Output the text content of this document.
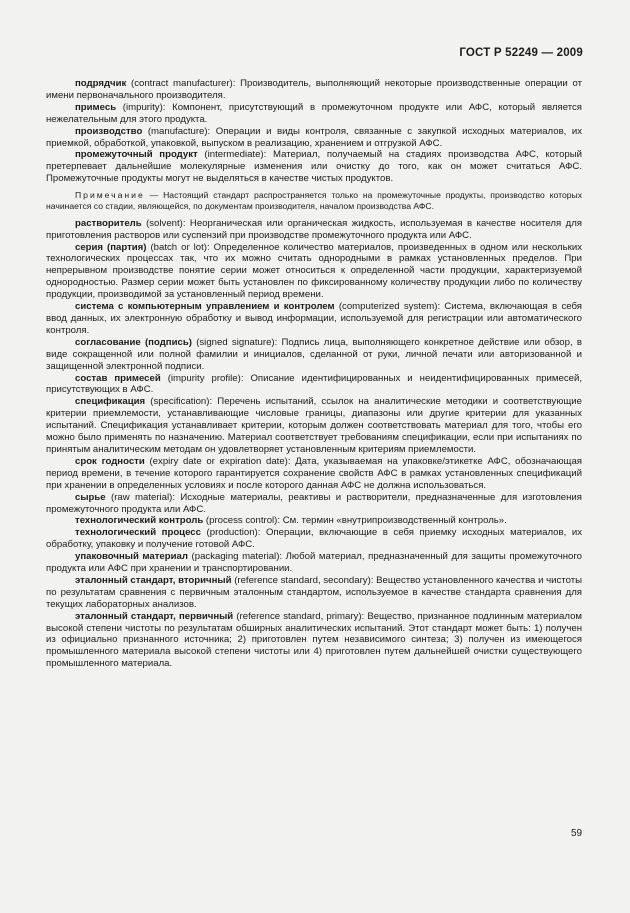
ГОСТ Р 52249 — 2009

подрядчик (contract manufacturer): Производитель, выполняющий некоторые производственные операции от имени первоначального производителя.

примесь (impurity): Компонент, присутствующий в промежуточном продукте или АФС, который является нежелательным для этого продукта.

производство (manufacture): Операции и виды контроля, связанные с закупкой исходных материалов, их приемкой, обработкой, упаковкой, выпуском в реализацию, хранением и отгрузкой АФС.

промежуточный продукт (intermediate): Материал, получаемый на стадиях производства АФС, который претерпевает дальнейшие молекулярные изменения или очистку до того, как он может считаться АФС. Промежуточные продукты могут не выделяться в качестве чистых продуктов.

Примечание — Настоящий стандарт распространяется только на промежуточные продукты, производство которых начинается со стадии, являющейся, по документам производителя, началом производства АФС.

растворитель (solvent): Неорганическая или органическая жидкость, используемая в качестве носителя для приготовления растворов или суспензий при производстве промежуточного продукта или АФС.

серия (партия) (batch or lot): Определенное количество материалов, произведенных в одном или нескольких технологических процессах так, что их можно считать однородными в рамках установленных пределов. При непрерывном производстве понятие серии может относиться к определенной части продукции, характеризуемой однородностью. Размер серии может быть установлен по фиксированному количеству продукции либо по количеству продукции, производимой за установленный период времени.

система с компьютерным управлением и контролем (computerized system): Система, включающая в себя ввод данных, их электронную обработку и вывод информации, используемой для регистрации или автоматического контроля.

согласование (подпись) (signed signature): Подпись лица, выполняющего конкретное действие или обзор, в виде сокращенной или полной фамилии и инициалов, сделанной от руки, личной печати или авторизованной и защищенной электронной подписи.

состав примесей (impurity profile): Описание идентифицированных и неидентифицированных примесей, присутствующих в АФС.

спецификация (specification): Перечень испытаний, ссылок на аналитические методики и соответствующие критерии приемлемости, устанавливающие числовые границы, диапазоны или другие критерии для указанных испытаний. Спецификация устанавливает критерии, которым должен соответствовать материал для того, чтобы его можно было применять по назначению. Материал соответствует требованиям спецификации, если при испытаниях по принятым аналитическим методам он удовлетворяет установленным критериям приемлемости.

срок годности (expiry date or expiration date): Дата, указываемая на упаковке/этикетке АФС, обозначающая период времени, в течение которого гарантируется сохранение свойств АФС в рамках установленных спецификаций при хранении в определенных условиях и после которого данная АФС не должна использоваться.

сырье (raw material): Исходные материалы, реактивы и растворители, предназначенные для изготовления промежуточного продукта или АФС.

технологический контроль (process control): См. термин «внутрипроизводственный контроль».

технологический процесс (production): Операции, включающие в себя приемку исходных материалов, их обработку, упаковку и получение готовой АФС.

упаковочный материал (packaging material): Любой материал, предназначенный для защиты промежуточного продукта или АФС при хранении и транспортировании.

эталонный стандарт, вторичный (reference standard, secondary): Вещество установленного качества и чистоты по результатам сравнения с первичным эталонным стандартом, используемое в качестве стандарта сравнения для текущих лабораторных анализов.

эталонный стандарт, первичный (reference standard, primary): Вещество, признанное подлинным материалом высокой степени чистоты по результатам обширных аналитических испытаний. Этот стандарт может быть: 1) получен из официально признанного источника; 2) приготовлен путем независимого синтеза; 3) получен из имеющегося промышленного материала высокой степени чистоты или 4) приготовлен путем дальнейшей очистки существующего промышленного материала.

59
